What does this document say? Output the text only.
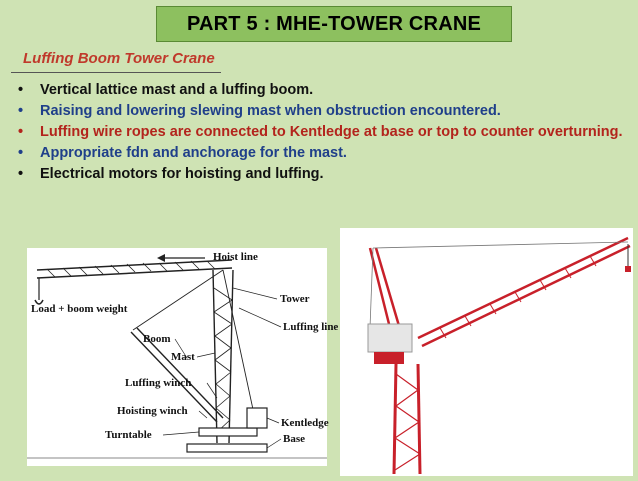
PART 5 : MHE-TOWER CRANE
Luffing Boom Tower Crane
• Vertical lattice mast and a luffing boom.
• Raising and lowering slewing mast when obstruction encountered.
• Luffing wire ropes are connected to Kentledge at base or top to counter overturning.
• Appropriate fdn and anchorage for the mast.
• Electrical motors for hoisting and luffing.
Hoist line
Load + boom weight
Tower
Luffing line
Boom
Mast
Luffing winch
Hoisting winch
Kentledge
Turntable	Base
